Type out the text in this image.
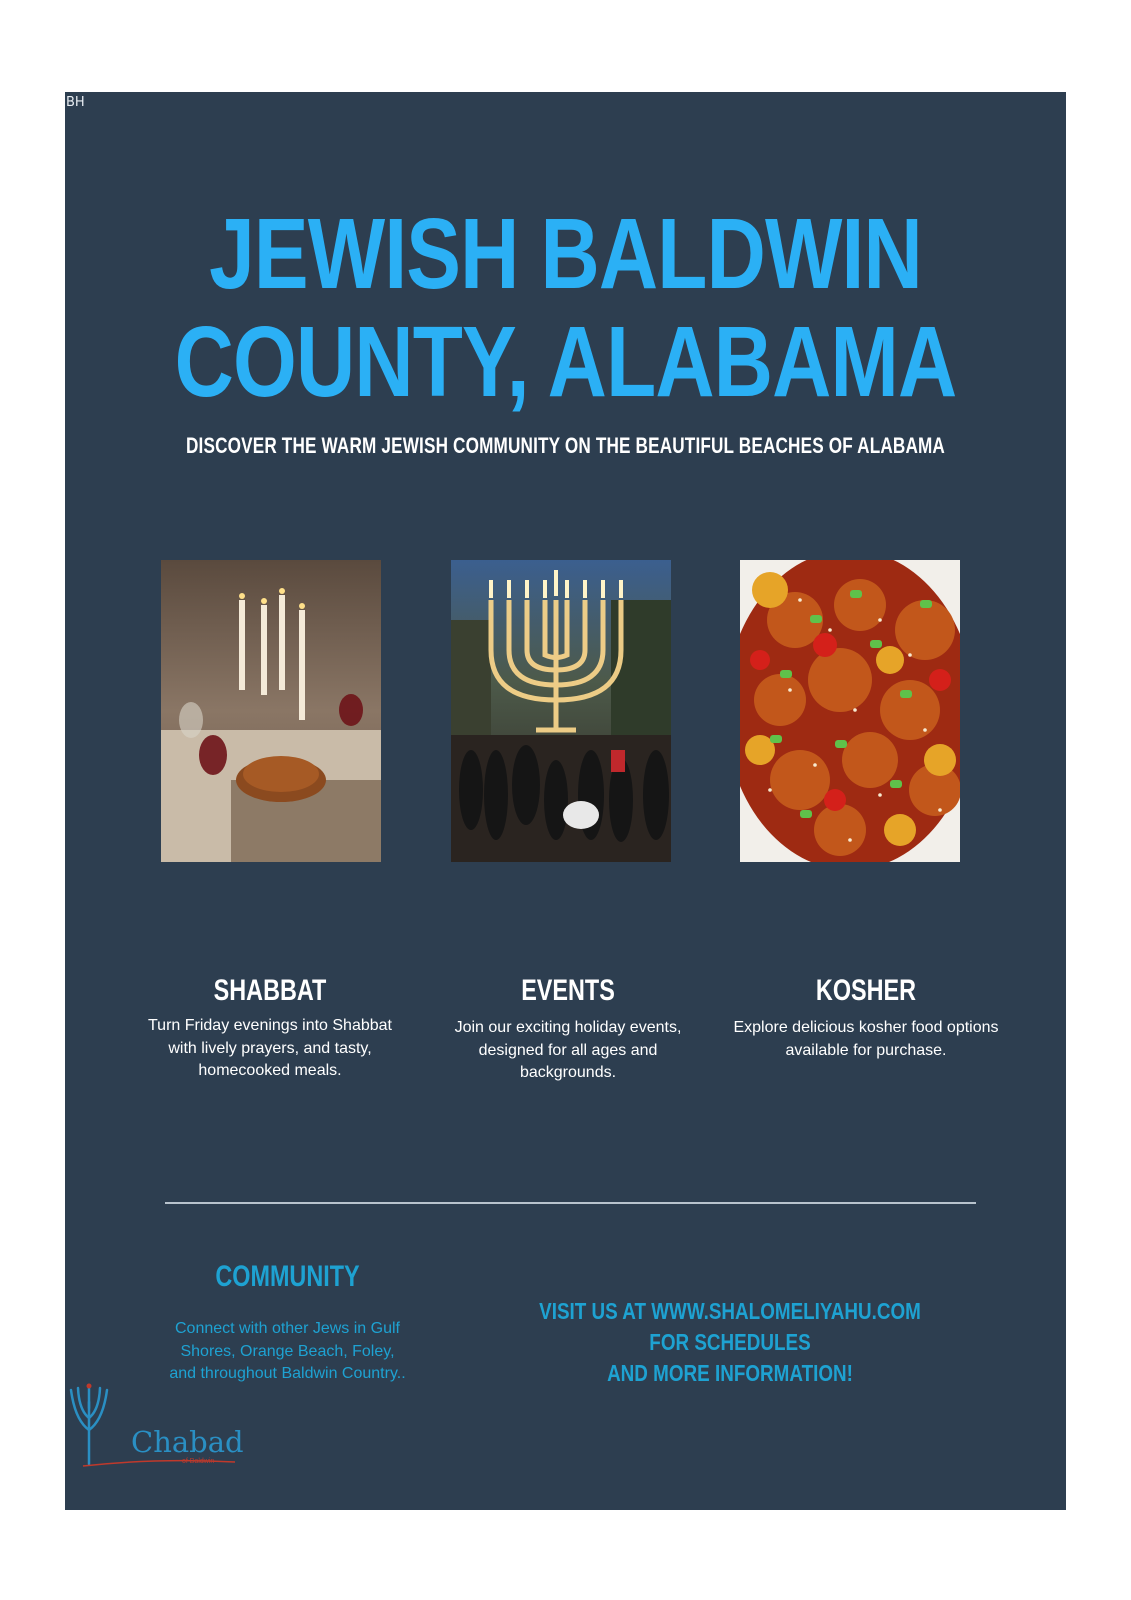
BH
JEWISH BALDWIN
COUNTY, ALABAMA
DISCOVER THE WARM JEWISH COMMUNITY ON THE BEAUTIFUL BEACHES OF ALABAMA
SHABBAT
Turn Friday evenings into Shabbat with lively prayers, and tasty, homecooked meals.
EVENTS
Join our exciting holiday events, designed for all ages and backgrounds.
KOSHER
Explore delicious kosher food options available for purchase.
COMMUNITY
Connect with other Jews in Gulf Shores, Orange Beach, Foley, and throughout Baldwin Country..
VISIT US AT WWW.SHALOMELIYAHU.COM FOR SCHEDULES
AND MORE INFORMATION!
Chabad
of Baldwin
